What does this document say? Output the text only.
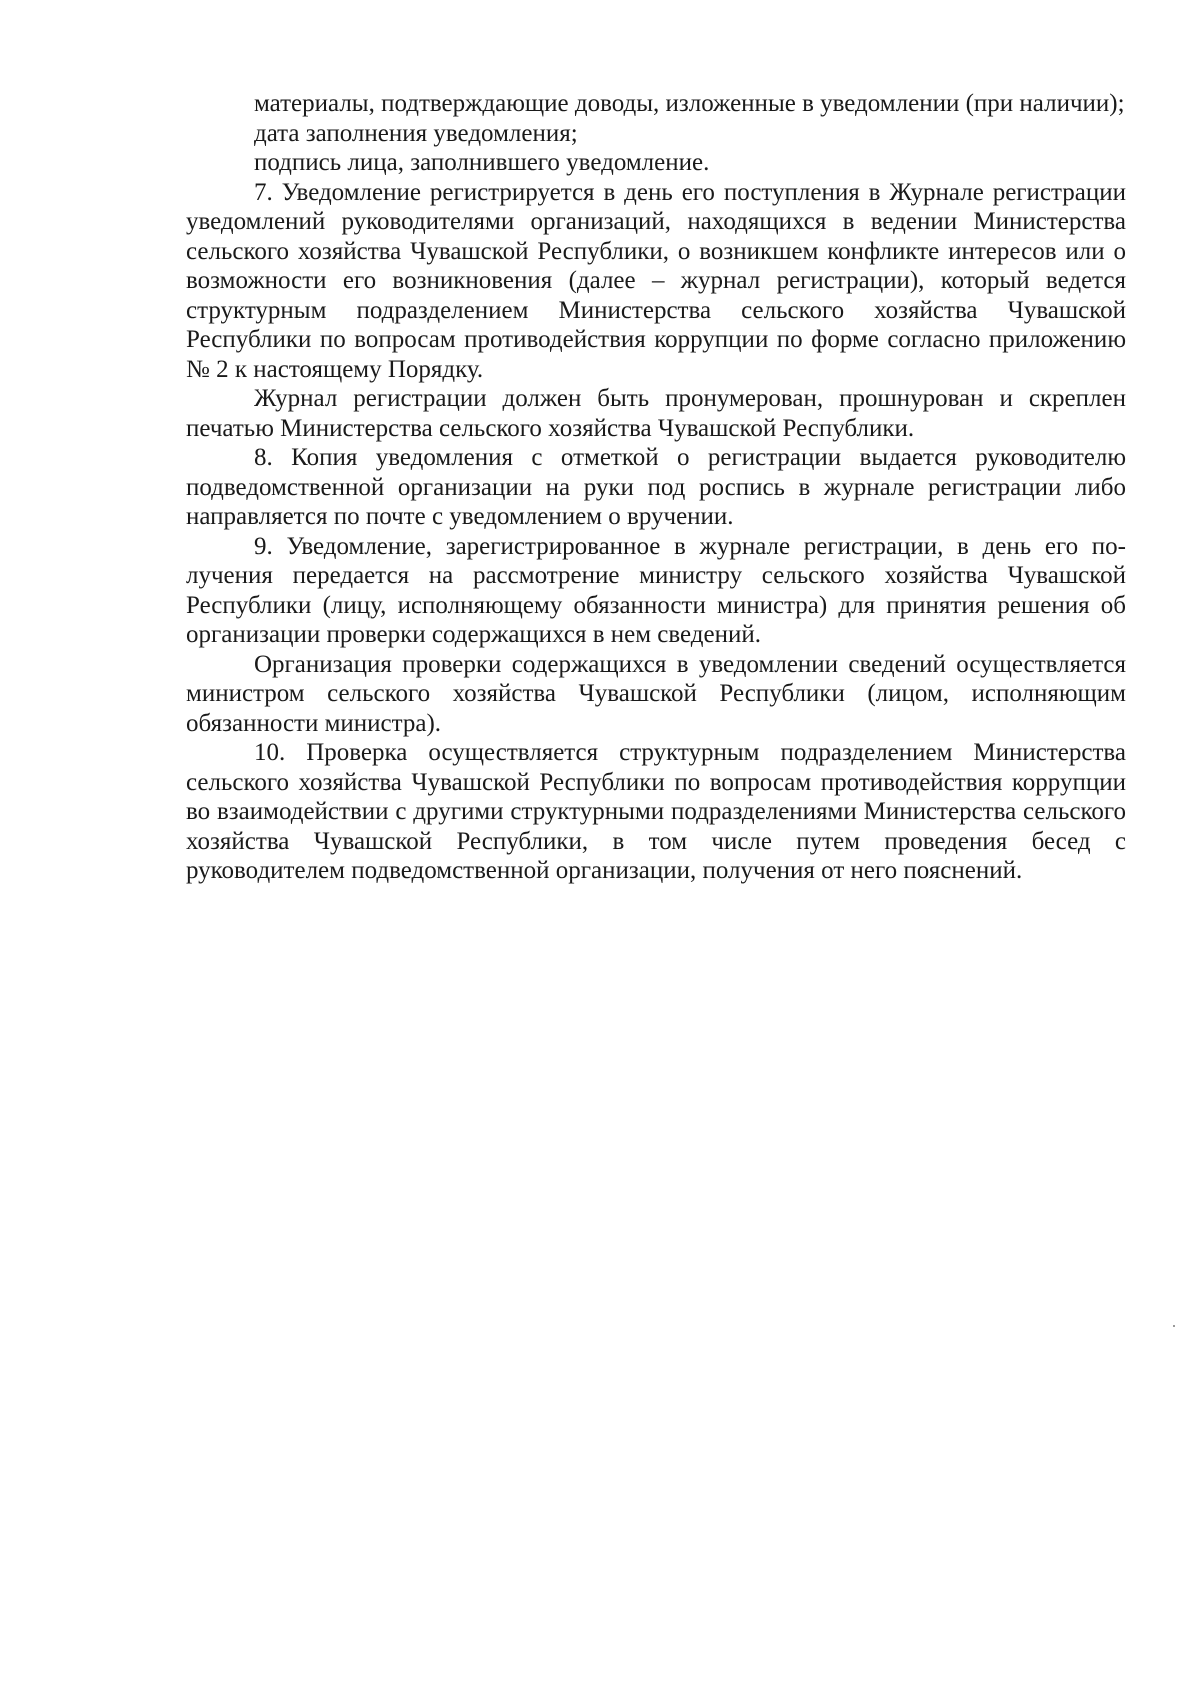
материалы, подтверждающие доводы, изложенные в уведомлении (при наличии);

дата заполнения уведомления;

подпись лица, заполнившего уведомление.

7. Уведомление регистрируется в день его поступления в Журнале регистрации уведомлений руководителями организаций, находящихся в ведении Министерства сельского хозяйства Чувашской Республики, о возникшем конфликте интересов или о возможности его возникновения (далее – журнал регистрации), который ведется структурным подразделением Министерства сельского хозяйства Чувашской Республики по вопросам противодействия коррупции по форме согласно приложению № 2 к настоящему Порядку.

Журнал регистрации должен быть пронумерован, прошнурован и скреплен печатью Министерства сельского хозяйства Чувашской Республики.

8. Копия уведомления с отметкой о регистрации выдается руководителю подведомственной организации на руки под роспись в журнале регистрации либо направляется по почте с уведомлением о вручении.

9. Уведомление, зарегистрированное в журнале регистрации, в день его получения передается на рассмотрение министру сельского хозяйства Чувашской Республики (лицу, исполняющему обязанности министра) для принятия решения об организации проверки содержащихся в нем сведений.

Организация проверки содержащихся в уведомлении сведений осуществляется министром сельского хозяйства Чувашской Республики (лицом, исполняющим обязанности министра).

10. Проверка осуществляется структурным подразделением Министерства сельского хозяйства Чувашской Республики по вопросам противодействия коррупции во взаимодействии с другими структурными подразделениями Министерства сельского хозяйства Чувашской Республики, в том числе путем проведения бесед с руководителем подведомственной организации, получения от него пояснений.
